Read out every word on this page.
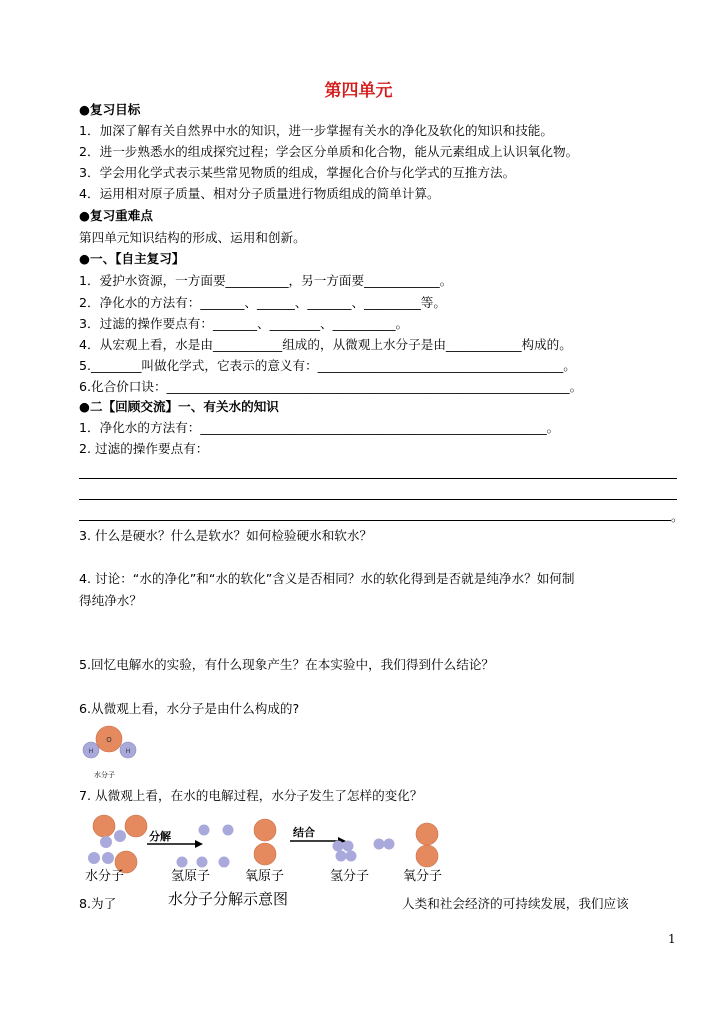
第四单元
●复习目标
1．加深了解有关自然界中水的知识，进一步掌握有关水的净化及软化的知识和技能。
2．进一步熟悉水的组成探究过程；学会区分单质和化合物，能从元素组成上认识氧化物。
3．学会用化学式表示某些常见物质的组成，掌握化合价与化学式的互推方法。
4．运用相对原子质量、相对分子质量进行物质组成的简单计算。
●复习重难点
第四单元知识结构的形成、运用和创新。
●一、【自主复习】
1．爱护水资源，一方面要__________，另一方面要____________。
2．净化水的方法有：_______、______、_______、_________等。
3．过滤的操作要点有：_______、________、__________。
4．从宏观上看，水是由___________组成的，从微观上水分子是由____________构成的。
5.________叫做化学式，它表示的意义有：_______________________________________。
6.化合价口诀：________________________________________________________________。
●二【回顾交流】一、有关水的知识
1．净化水的方法有：_______________________________________________________。
2. 过滤的操作要点有：
。
3. 什么是硬水？什么是软水？如何检验硬水和软水？
4. 讨论：“水的净化”和“水的软化”含义是否相同？水的软化得到是否就是纯净水？如何制
得纯净水？
5.回忆电解水的实验，有什么现象产生？在本实验中，我们得到什么结论？
6.从微观上看，水分子是由什么构成的?
O
H	H
水分子
7. 从微观上看，在水的电解过程，水分子发生了怎样的变化？
分解	结合
水分子	氢原子	氧原子	氢分子	氧分子
水分子分解示意图
8.为了	人类和社会经济的可持续发展，我们应该
1
